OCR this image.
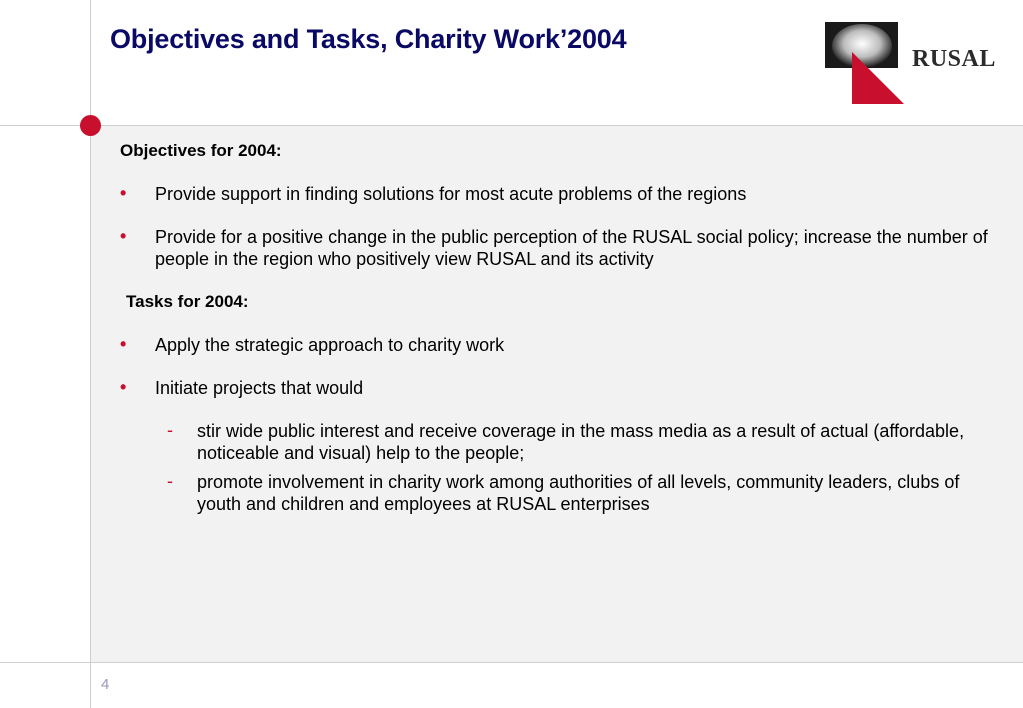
Objectives and Tasks, Charity Work’2004
RUSAL
Objectives for 2004:
• Provide support in finding solutions for most acute problems of the regions
• Provide for a positive change in the public perception of the RUSAL social policy; increase the number of people in the region who positively view RUSAL and its activity
Tasks for 2004:
• Apply the strategic approach to charity work
• Initiate projects that would
- stir wide public interest and receive coverage in the mass media as a result of actual (affordable, noticeable and visual) help to the people;
- promote involvement in charity work among authorities of all levels, community leaders, clubs of youth and children and employees at RUSAL enterprises
4
